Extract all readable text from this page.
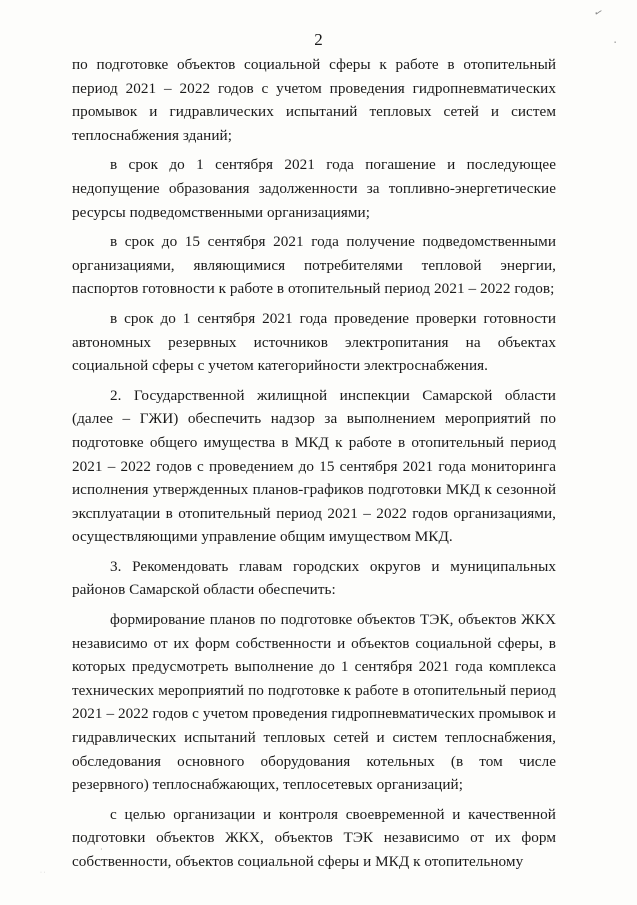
2
✓
▪
·
· ·

по подготовке объектов социальной сферы к работе в отопительный период 2021 – 2022 годов с учетом проведения гидропневматических промывок и гидравлических испытаний тепловых сетей и систем теплоснабжения зданий;

в срок до 1 сентября 2021 года погашение и последующее недопущение образования задолженности за топливно-энергетические ресурсы подведомственными организациями;

в срок до 15 сентября 2021 года получение подведомственными организациями, являющимися потребителями тепловой энергии, паспортов готовности к работе в отопительный период 2021 – 2022 годов;

в срок до 1 сентября 2021 года проведение проверки готовности автономных резервных источников электропитания на объектах социальной сферы с учетом категорийности электроснабжения.

2. Государственной жилищной инспекции Самарской области (далее – ГЖИ) обеспечить надзор за выполнением мероприятий по подготовке общего имущества в МКД к работе в отопительный период 2021 – 2022 годов с проведением до 15 сентября 2021 года мониторинга исполнения утвержденных планов-графиков подготовки МКД к сезонной эксплуатации в отопительный период 2021 – 2022 годов организациями, осуществляющими управление общим имуществом МКД.

3. Рекомендовать главам городских округов и муниципальных районов Самарской области обеспечить:

формирование планов по подготовке объектов ТЭК, объектов ЖКХ независимо от их форм собственности и объектов социальной сферы, в которых предусмотреть выполнение до 1 сентября 2021 года комплекса технических мероприятий по подготовке к работе в отопительный период 2021 – 2022 годов с учетом проведения гидропневматических промывок и гидравлических испытаний тепловых сетей и систем теплоснабжения, обследования основного оборудования котельных (в том числе резервного) теплоснабжающих, теплосетевых организаций;

с целью организации и контроля своевременной и качественной подготовки объектов ЖКХ, объектов ТЭК независимо от их форм собственности, объектов социальной сферы и МКД к отопительному
